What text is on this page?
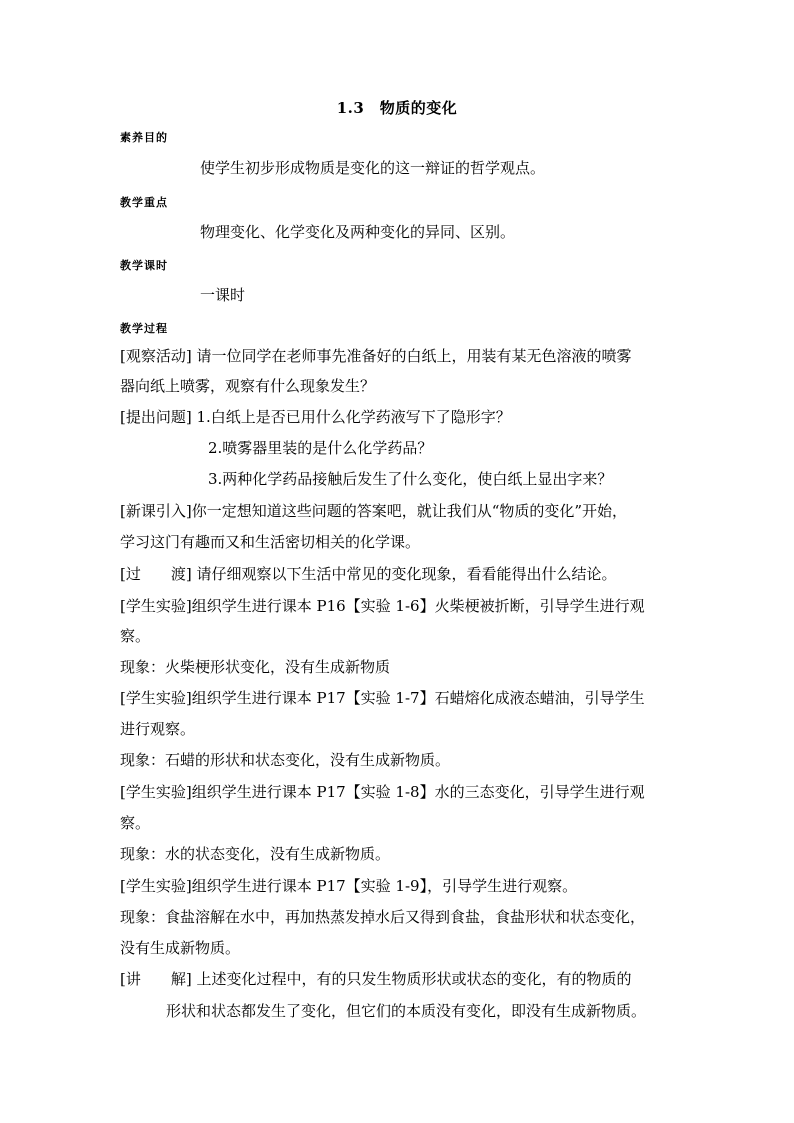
1.3　物质的变化
素养目的
使学生初步形成物质是变化的这一辩证的哲学观点。
教学重点
物理变化、化学变化及两种变化的异同、区别。
教学课时
一课时
教学过程
[观察活动] 请一位同学在老师事先准备好的白纸上，用装有某无色溶液的喷雾
器向纸上喷雾，观察有什么现象发生？
[提出问题] 1.白纸上是否已用什么化学药液写下了隐形字？
2.喷雾器里装的是什么化学药品？
3.两种化学药品接触后发生了什么变化，使白纸上显出字来？
[新课引入]你一定想知道这些问题的答案吧，就让我们从“物质的变化”开始，
学习这门有趣而又和生活密切相关的化学课。
[过　　渡] 请仔细观察以下生活中常见的变化现象，看看能得出什么结论。
[学生实验]组织学生进行课本 P16【实验 1-6】火柴梗被折断，引导学生进行观
察。
现象：火柴梗形状变化，没有生成新物质
[学生实验]组织学生进行课本 P17【实验 1-7】石蜡熔化成液态蜡油，引导学生
进行观察。
现象：石蜡的形状和状态变化，没有生成新物质。
[学生实验]组织学生进行课本 P17【实验 1-8】水的三态变化，引导学生进行观
察。
现象：水的状态变化，没有生成新物质。
[学生实验]组织学生进行课本 P17【实验 1-9】，引导学生进行观察。
现象：食盐溶解在水中，再加热蒸发掉水后又得到食盐，食盐形状和状态变化，
没有生成新物质。
[讲　　解] 上述变化过程中，有的只发生物质形状或状态的变化，有的物质的
形状和状态都发生了变化，但它们的本质没有变化，即没有生成新物质。
